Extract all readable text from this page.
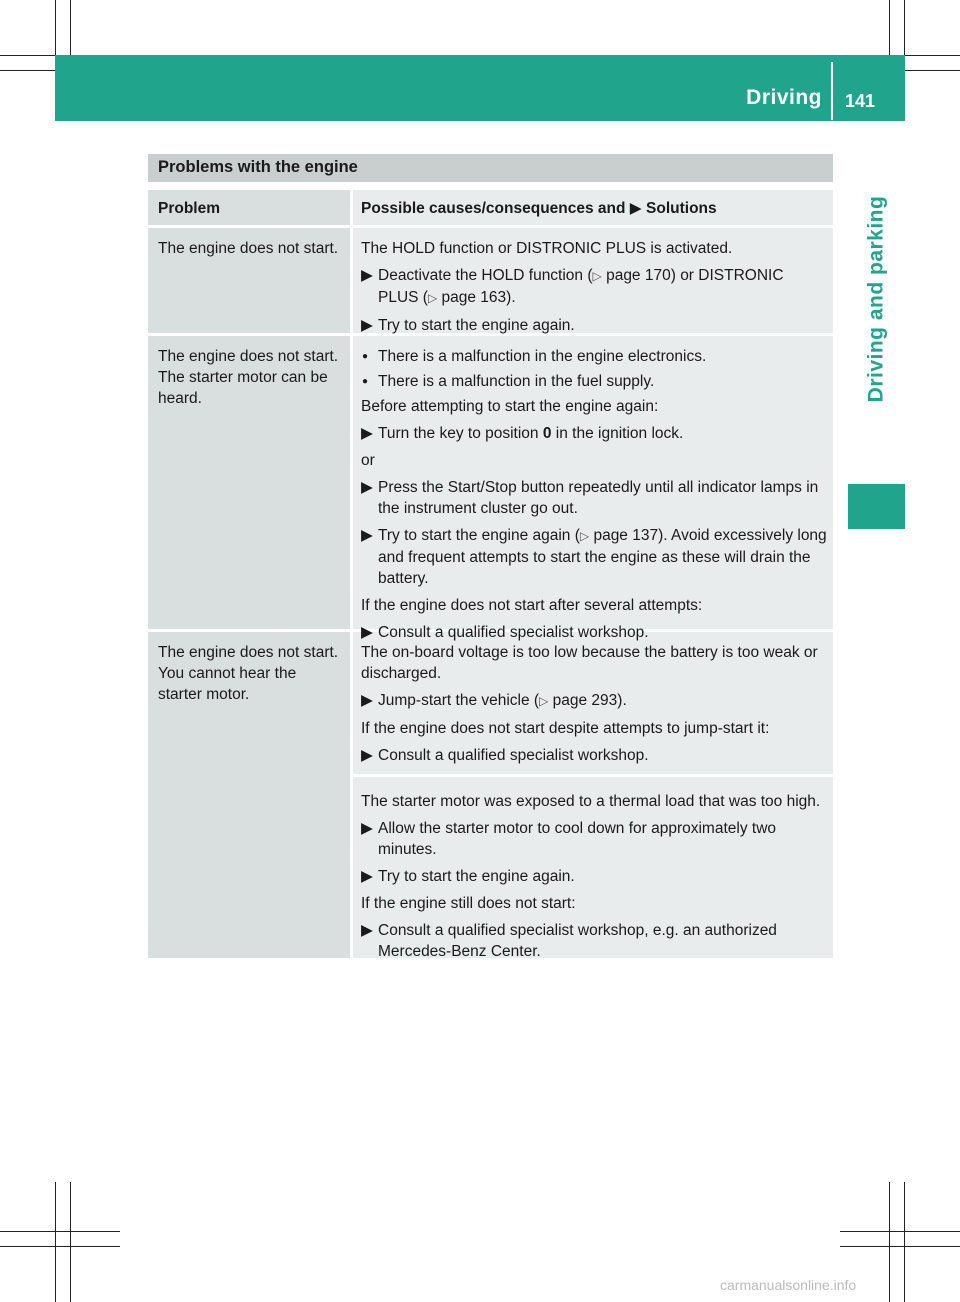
Driving 141
Driving and parking
Problems with the engine
Problem	Possible causes/consequences and ▶ Solutions
The engine does not start.	The HOLD function or DISTRONIC PLUS is activated.
▶ Deactivate the HOLD function (▷ page 170) or DISTRONIC PLUS (▷ page 163).
▶ Try to start the engine again.
The engine does not start. The starter motor can be heard.
● There is a malfunction in the engine electronics.
● There is a malfunction in the fuel supply.
Before attempting to start the engine again:
▶ Turn the key to position 0 in the ignition lock.
or
▶ Press the Start/Stop button repeatedly until all indicator lamps in the instrument cluster go out.
▶ Try to start the engine again (▷ page 137). Avoid excessively long and frequent attempts to start the engine as these will drain the battery.
If the engine does not start after several attempts:
▶ Consult a qualified specialist workshop.
The engine does not start. You cannot hear the starter motor.
The on-board voltage is too low because the battery is too weak or discharged.
▶ Jump-start the vehicle (▷ page 293).
If the engine does not start despite attempts to jump-start it:
▶ Consult a qualified specialist workshop.
The starter motor was exposed to a thermal load that was too high.
▶ Allow the starter motor to cool down for approximately two minutes.
▶ Try to start the engine again.
If the engine still does not start:
▶ Consult a qualified specialist workshop, e.g. an authorized Mercedes-Benz Center.
carmanualsonline.info
